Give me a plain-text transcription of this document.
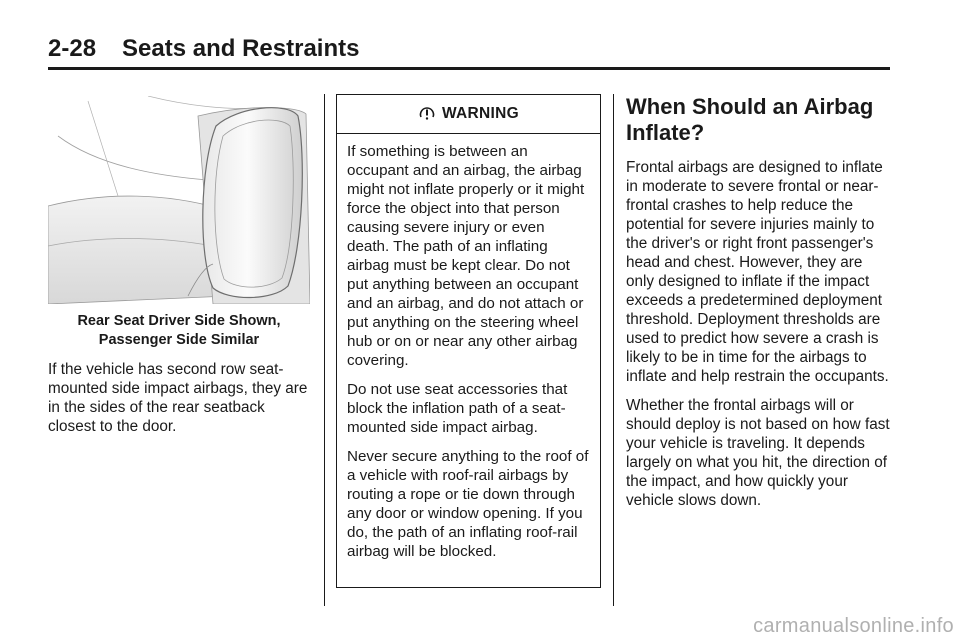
2-28 Seats and Restraints
Rear Seat Driver Side Shown,
Passenger Side Similar

If the vehicle has second row seat-mounted side impact airbags, they are in the sides of the rear seatback closest to the door.

WARNING

If something is between an occupant and an airbag, the airbag might not inflate properly or it might force the object into that person causing severe injury or even death. The path of an inflating airbag must be kept clear. Do not put anything between an occupant and an airbag, and do not attach or put anything on the steering wheel hub or on or near any other airbag covering.

Do not use seat accessories that block the inflation path of a seat-mounted side impact airbag.

Never secure anything to the roof of a vehicle with roof-rail airbags by routing a rope or tie down through any door or window opening. If you do, the path of an inflating roof-rail airbag will be blocked.

When Should an Airbag Inflate?

Frontal airbags are designed to inflate in moderate to severe frontal or near-frontal crashes to help reduce the potential for severe injuries mainly to the driver's or right front passenger's head and chest. However, they are only designed to inflate if the impact exceeds a predetermined deployment threshold. Deployment thresholds are used to predict how severe a crash is likely to be in time for the airbags to inflate and help restrain the occupants.

Whether the frontal airbags will or should deploy is not based on how fast your vehicle is traveling. It depends largely on what you hit, the direction of the impact, and how quickly your vehicle slows down.

carmanualsonline.info
